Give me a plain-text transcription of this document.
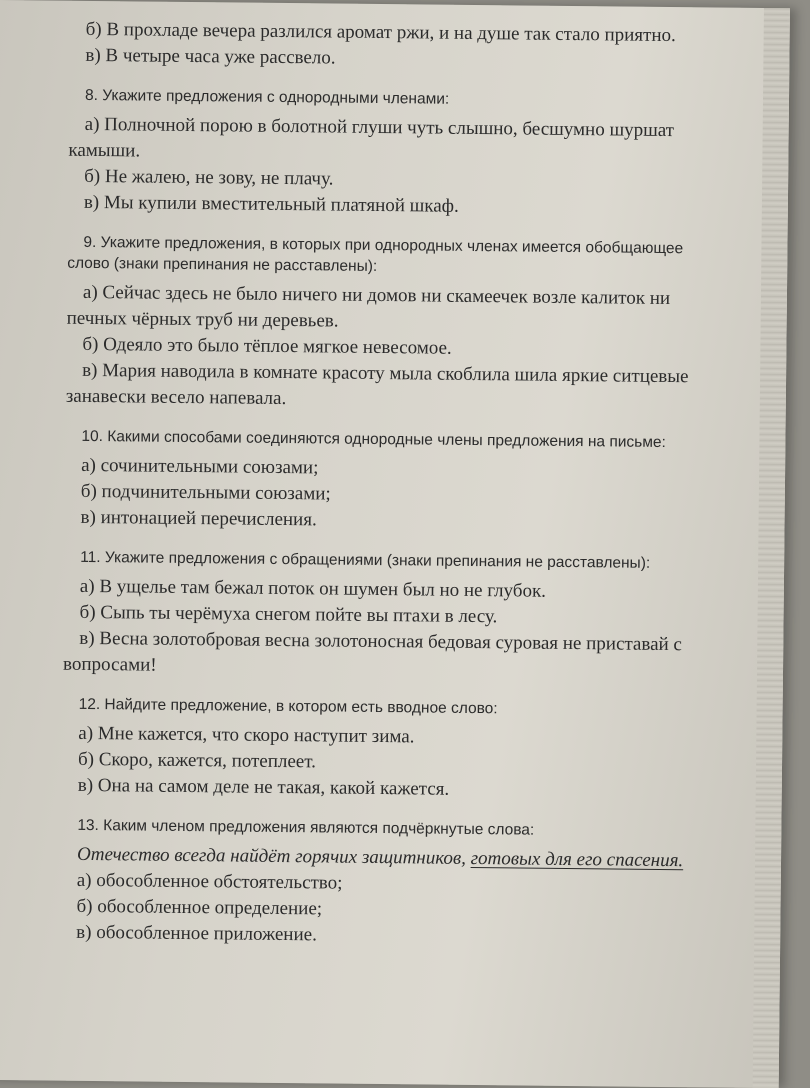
б) В прохладе вечера разлился аромат ржи, и на душе так стало приятно.
в) В четыре часа уже рассвело.
8. Укажите предложения с однородными членами:
а) Полночной порою в болотной глуши чуть слышно, бесшумно шуршат камыши.
б) Не жалею, не зову, не плачу.
в) Мы купили вместительный платяной шкаф.
9. Укажите предложения, в которых при однородных членах имеется обобщающее слово (знаки препинания не расставлены):
а) Сейчас здесь не было ничего ни домов ни скамеечек возле калиток ни печных чёрных труб ни деревьев.
б) Одеяло это было тёплое мягкое невесомое.
в) Мария наводила в комнате красоту мыла скоблила шила яркие ситцевые занавески весело напевала.
10. Какими способами соединяются однородные члены предложения на письме:
а) сочинительными союзами;
б) подчинительными союзами;
в) интонацией перечисления.
11. Укажите предложения с обращениями (знаки препинания не расставлены):
а) В ущелье там бежал поток он шумен был но не глубок.
б) Сыпь ты черёмуха снегом пойте вы птахи в лесу.
в) Весна золотобровая весна золотоносная бедовая суровая не приставай с вопросами!
12. Найдите предложение, в котором есть вводное слово:
а) Мне кажется, что скоро наступит зима.
б) Скоро, кажется, потеплеет.
в) Она на самом деле не такая, какой кажется.
13. Каким членом предложения являются подчёркнутые слова:
Отечество всегда найдёт горячих защитников, готовых для его спасения.
а) обособленное обстоятельство;
б) обособленное определение;
в) обособленное приложение.
